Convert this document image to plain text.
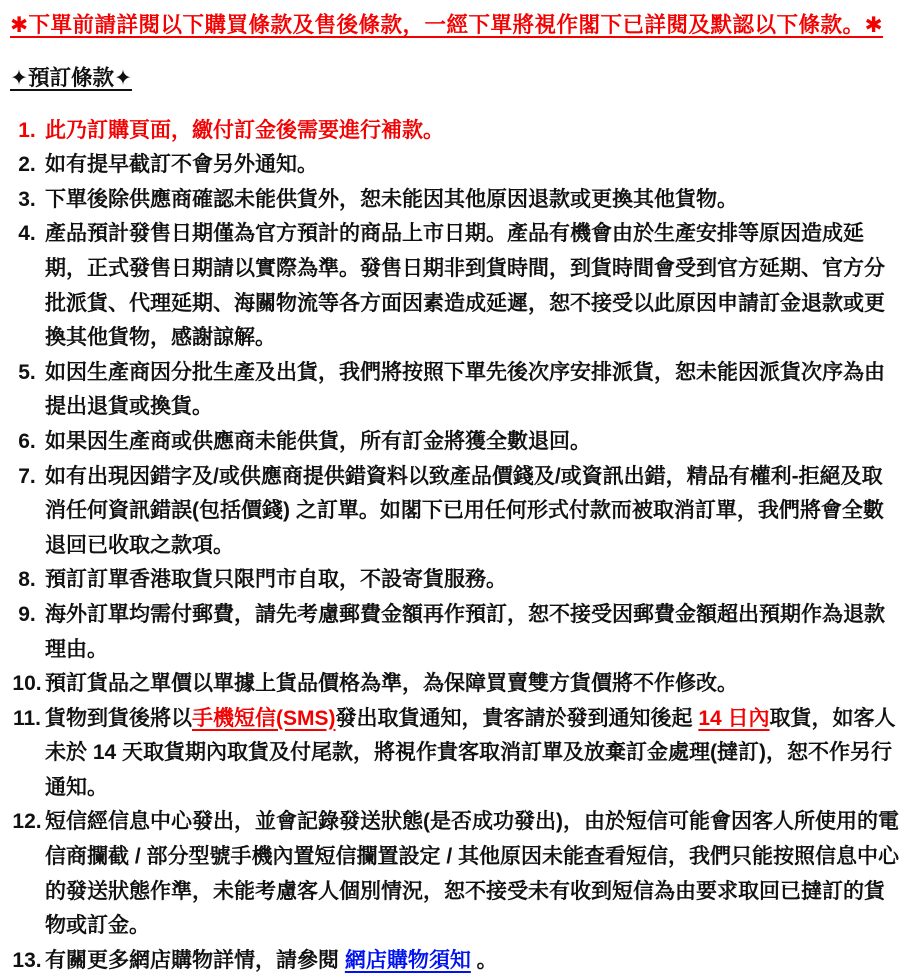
✱下單前請詳閱以下購買條款及售後條款，一經下單將視作閣下已詳閱及默認以下條款。✱

✦預訂條款✦

1. 此乃訂購頁面，繳付訂金後需要進行補款。
2. 如有提早截訂不會另外通知。
3. 下單後除供應商確認未能供貨外，恕未能因其他原因退款或更換其他貨物。
4. 產品預計發售日期僅為官方預計的商品上市日期。產品有機會由於生產安排等原因造成延期，正式發售日期請以實際為準。發售日期非到貨時間，到貨時間會受到官方延期、官方分批派貨、代理延期、海關物流等各方面因素造成延遲，恕不接受以此原因申請訂金退款或更換其他貨物，感謝諒解。
5. 如因生產商因分批生產及出貨，我們將按照下單先後次序安排派貨，恕未能因派貨次序為由提出退貨或換貨。
6. 如果因生產商或供應商未能供貨，所有訂金將獲全數退回。
7. 如有出現因錯字及/或供應商提供錯資料以致產品價錢及/或資訊出錯，精品有權利-拒絕及取消任何資訊錯誤(包括價錢) 之訂單。如閣下已用任何形式付款而被取消訂單，我們將會全數退回已收取之款項。
8. 預訂訂單香港取貨只限門市自取，不設寄貨服務。
9. 海外訂單均需付郵費，請先考慮郵費金額再作預訂，恕不接受因郵費金額超出預期作為退款理由。
10. 預訂貨品之單價以單據上貨品價格為準，為保障買賣雙方貨價將不作修改。
11. 貨物到貨後將以手機短信(SMS)發出取貨通知，貴客請於發到通知後起 14 日內取貨，如客人未於 14 天取貨期內取貨及付尾款，將視作貴客取消訂單及放棄訂金處理(撻訂)，恕不作另行通知。
12. 短信經信息中心發出，並會記錄發送狀態(是否成功發出)，由於短信可能會因客人所使用的電信商攔截 / 部分型號手機內置短信攔置設定 / 其他原因未能查看短信，我們只能按照信息中心的發送狀態作準，未能考慮客人個別情況，恕不接受未有收到短信為由要求取回已撻訂的貨物或訂金。
13. 有關更多網店購物詳情，請參閱 網店購物須知 。
